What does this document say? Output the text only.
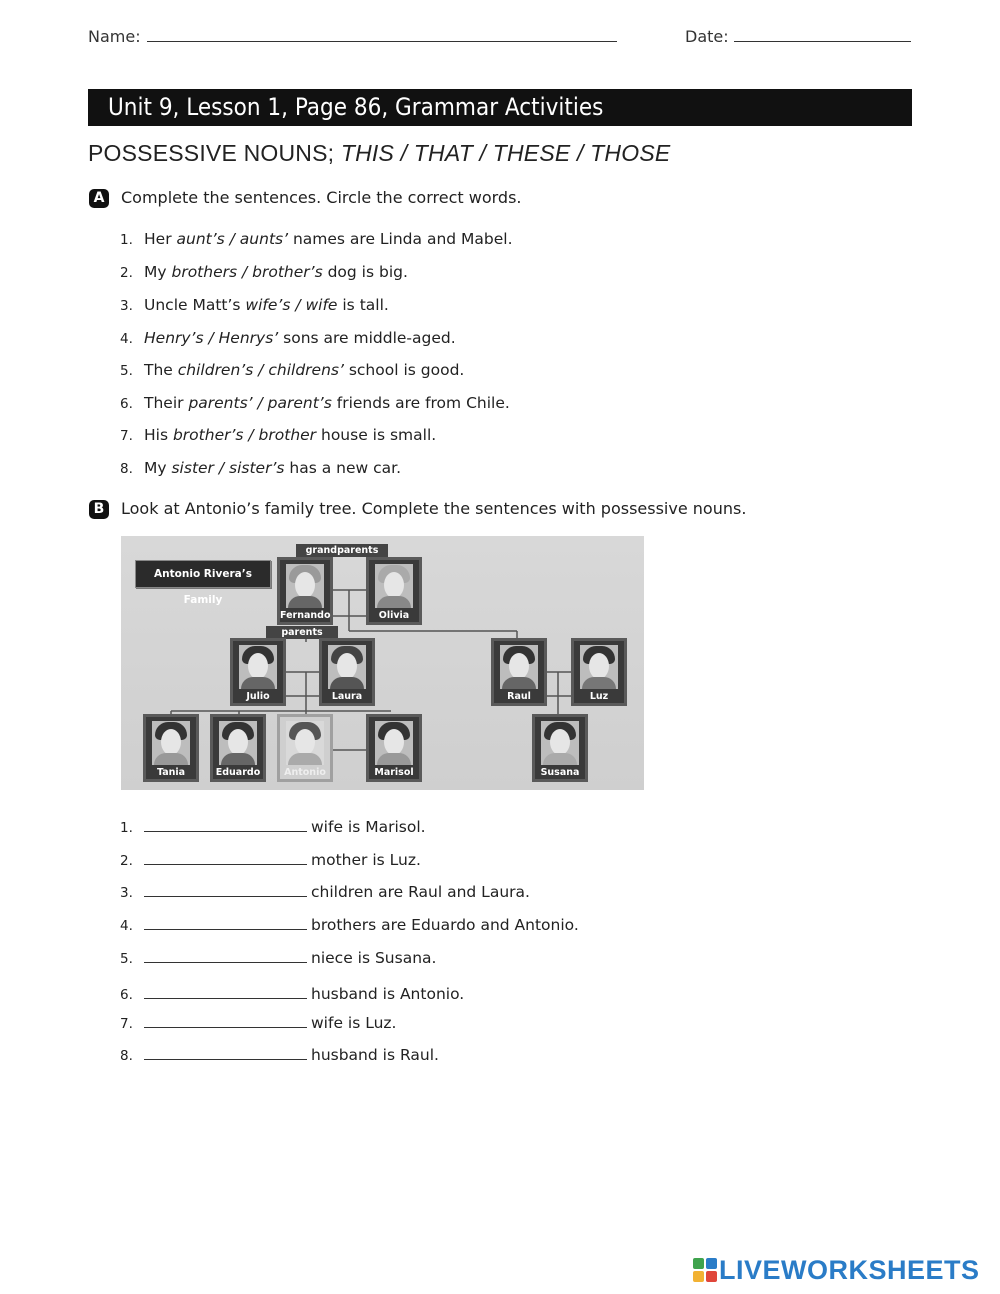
Name:	Date:
Unit 9, Lesson 1, Page 86, Grammar Activities
POSSESSIVE NOUNS; THIS / THAT / THESE / THOSE
A Complete the sentences. Circle the correct words.
1. Her aunt’s / aunts’ names are Linda and Mabel.
2. My brothers / brother’s dog is big.
3. Uncle Matt’s wife’s / wife is tall.
4. Henry’s / Henrys’ sons are middle-aged.
5. The children’s / childrens’ school is good.
6. Their parents’ / parent’s friends are from Chile.
7. His brother’s / brother house is small.
8. My sister / sister’s has a new car.
B Look at Antonio’s family tree. Complete the sentences with possessive nouns.
Antonio Rivera’s Family
grandparents
parents
Fernando	Olivia
Julio	Laura	Raul	Luz
Tania	Eduardo	Antonio	Marisol	Susana
1.	wife is Marisol.
2.	mother is Luz.
3.	children are Raul and Laura.
4.	brothers are Eduardo and Antonio.
5.	niece is Susana.
6.	husband is Antonio.
7.	wife is Luz.
8.	husband is Raul.
LIVEWORKSHEETS
